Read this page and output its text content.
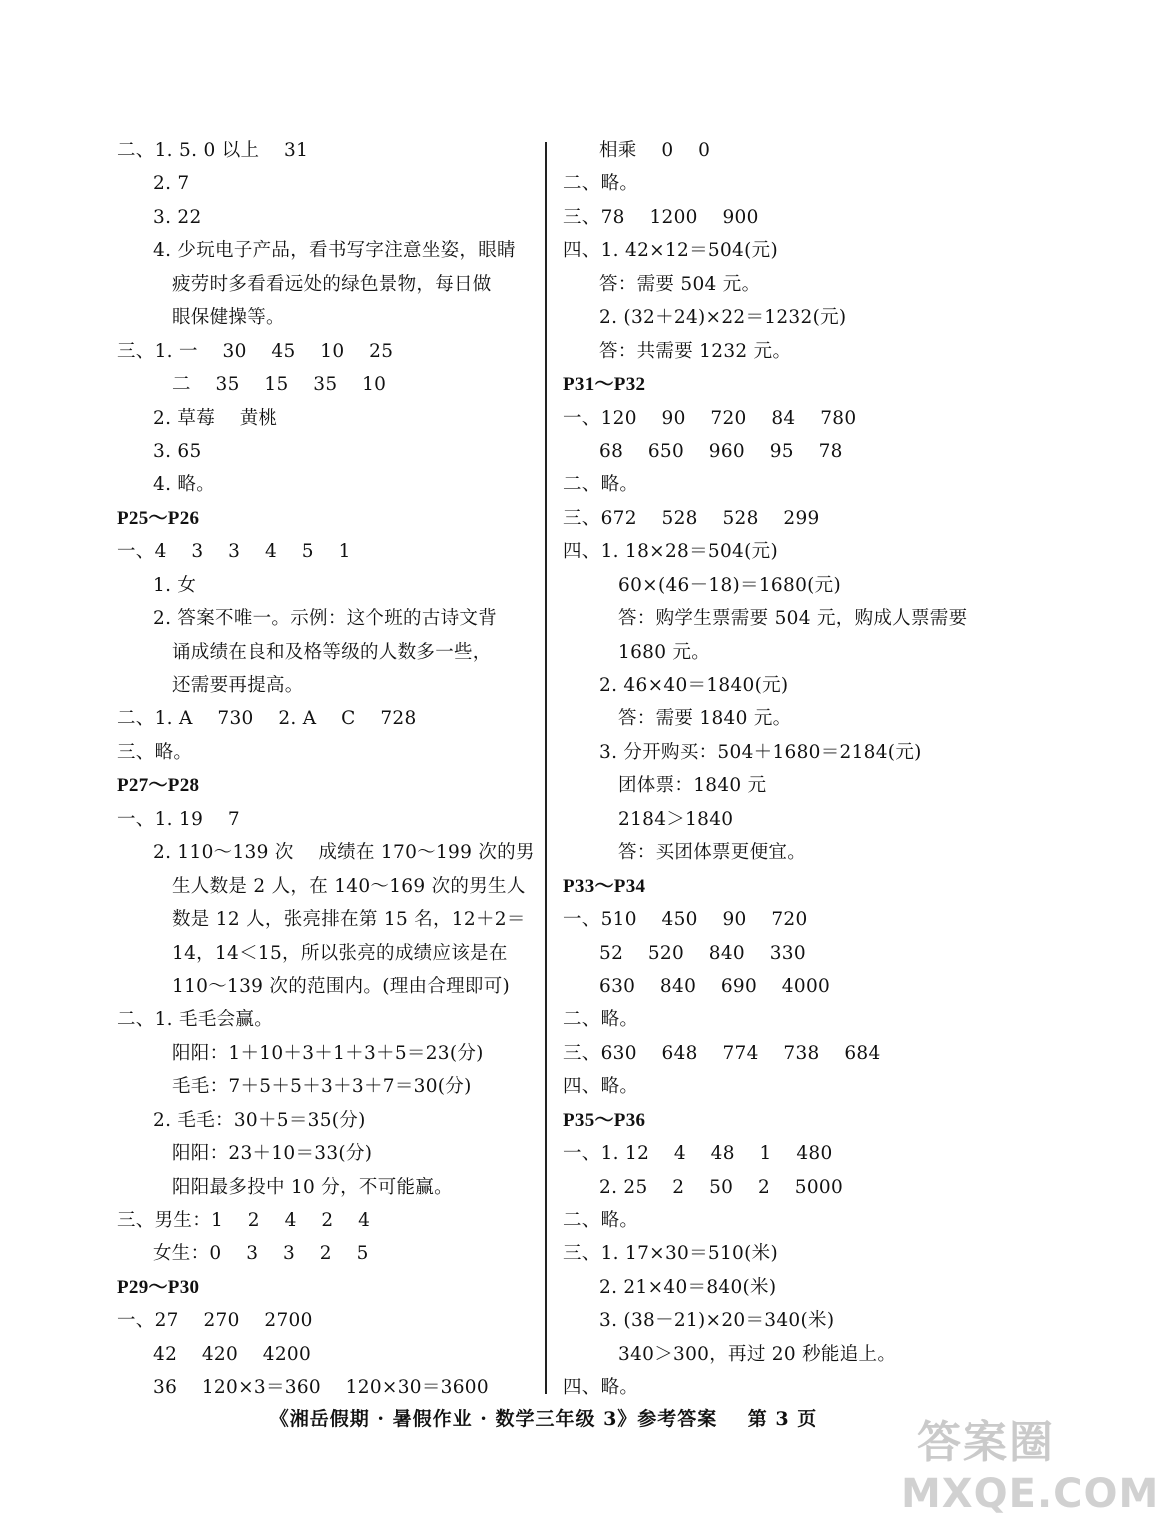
二、1. 5. 0 以上    31
2. 7
3. 22
4. 少玩电子产品，看书写字注意坐姿，眼睛
疲劳时多看看远处的绿色景物，每日做
眼保健操等。
三、1. 一    30    45    10    25
二    35    15    35    10
2. 草莓    黄桃
3. 65
4. 略。
P25～P26
一、4    3    3    4    5    1
1. 女
2. 答案不唯一。示例：这个班的古诗文背
诵成绩在良和及格等级的人数多一些，
还需要再提高。
二、1. A    730    2. A    C    728
三、略。
P27～P28
一、1. 19    7
2. 110～139 次    成绩在 170～199 次的男
生人数是 2 人，在 140～169 次的男生人
数是 12 人，张亮排在第 15 名，12＋2＝
14，14＜15，所以张亮的成绩应该是在
110～139 次的范围内。(理由合理即可)
二、1. 毛毛会赢。
阳阳：1＋10＋3＋1＋3＋5＝23(分)
毛毛：7＋5＋5＋3＋3＋7＝30(分)
2. 毛毛：30＋5＝35(分)
阳阳：23＋10＝33(分)
阳阳最多投中 10 分，不可能赢。
三、男生：1    2    4    2    4
女生：0    3    3    2    5
P29～P30
一、27    270    2700
42    420    4200
36    120×3＝360    120×30＝3600
相乘    0    0
二、略。
三、78    1200    900
四、1. 42×12＝504(元)
答：需要 504 元。
2. (32＋24)×22＝1232(元)
答：共需要 1232 元。
P31～P32
一、120    90    720    84    780
68    650    960    95    78
二、略。
三、672    528    528    299
四、1. 18×28＝504(元)
60×(46－18)＝1680(元)
答：购学生票需要 504 元，购成人票需要
1680 元。
2. 46×40＝1840(元)
答：需要 1840 元。
3. 分开购买：504＋1680＝2184(元)
团体票：1840 元
2184＞1840
答：买团体票更便宜。
P33～P34
一、510    450    90    720
52    520    840    330
630    840    690    4000
二、略。
三、630    648    774    738    684
四、略。
P35～P36
一、1. 12    4    48    1    480
2. 25    2    50    2    5000
二、略。
三、1. 17×30＝510(米)
2. 21×40＝840(米)
3. (38－21)×20＝340(米)
340＞300，再过 20 秒能追上。
四、略。
《湘岳假期 · 暑假作业 · 数学三年级 3》参考答案    第 3 页	答案圈
MXQE.COM
